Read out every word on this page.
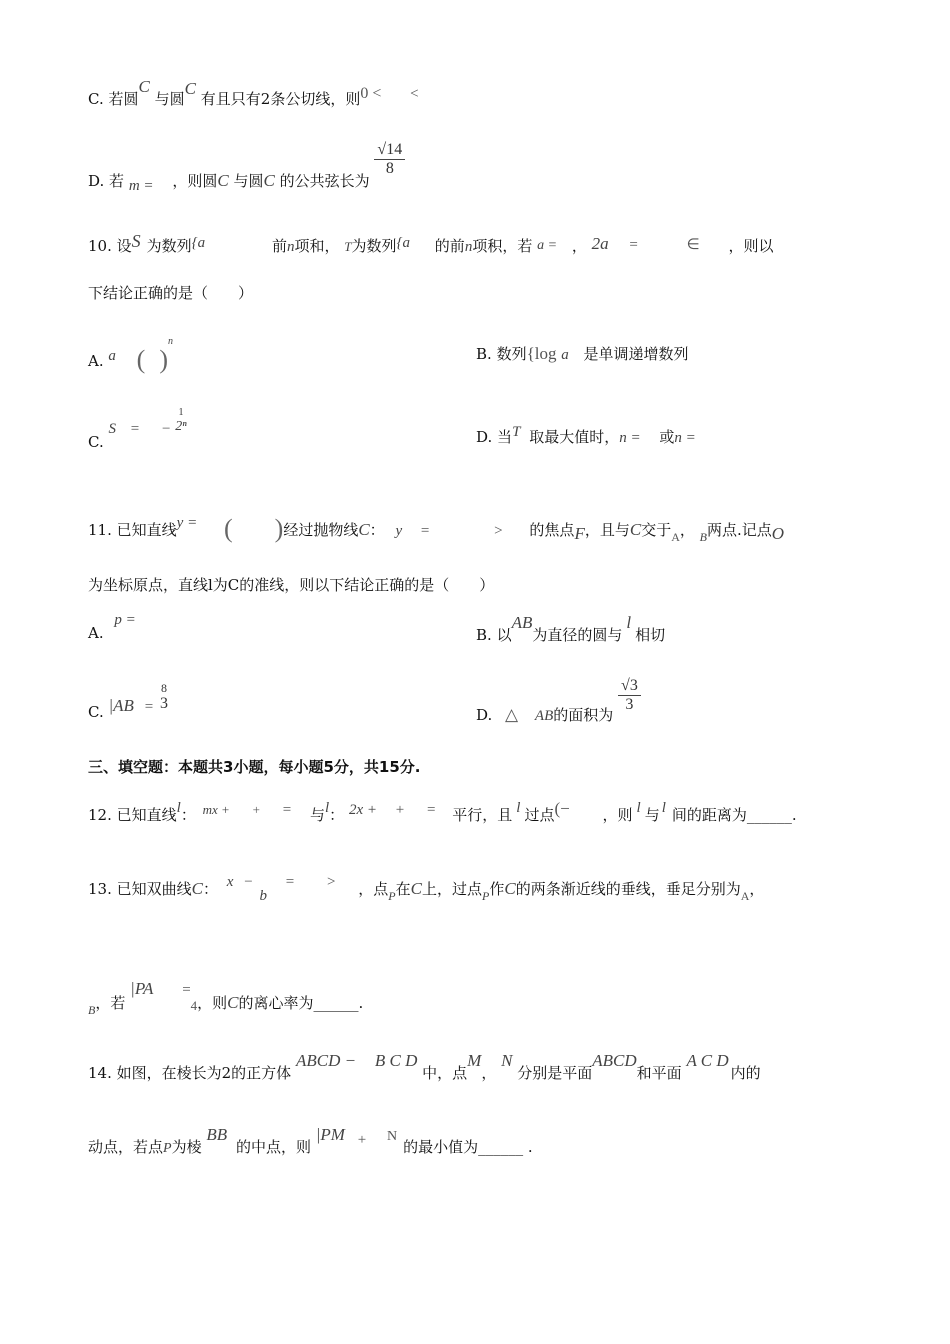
C. 若圆C 与圆C 有且只有2条公切线，则0 < <
D. 若 m = ，则圆C 与圆C 的公共弦长为
$\frac{√14}{8}$
10. 设S 为数列{a	前n项和， T为数列{a 的前n项积，若 a = ， 2a =	∈ ，则以
下结论正确的是（　　）
A. a ( )$^n$
B. 数列{log a 是单调递增数列
C. S = −
1
2ⁿ
D. 当T 取最大值时，n = 或n =
11. 已知直线y = ( )经过抛物线C： y =	> 的焦点F，且与C交于$_A$， $_B$两点.记点O
为坐标原点，直线l为C的准线，则以下结论正确的是（　　）
A. p =
B. 以AB为直径的圆与l相切
C. |AB =
8
3
D. △ AB的面积为
$\frac{√3}{3}$
三、填空题：本题共3小题，每小题5分，共15分.
12. 已知直线l： mx + + = 与l： 2x + + = 平行，且 l 过点(− ，则 l 与 l 间的距离为______.
13. 已知双曲线C： x − b = > ，点$_P$在C上，过点$_P$作C的两条渐近线的垂线，垂足分别为$_A$，
$_B$，若 |PA =4，则C的离心率为______.
14. 如图，在棱长为2的正方体 ABCD − B C D 中，点M， N 分别是平面ABCD和平面 A C D内的
动点，若点P为棱 BB 的中点，则 |PM + N的最小值为______ .
